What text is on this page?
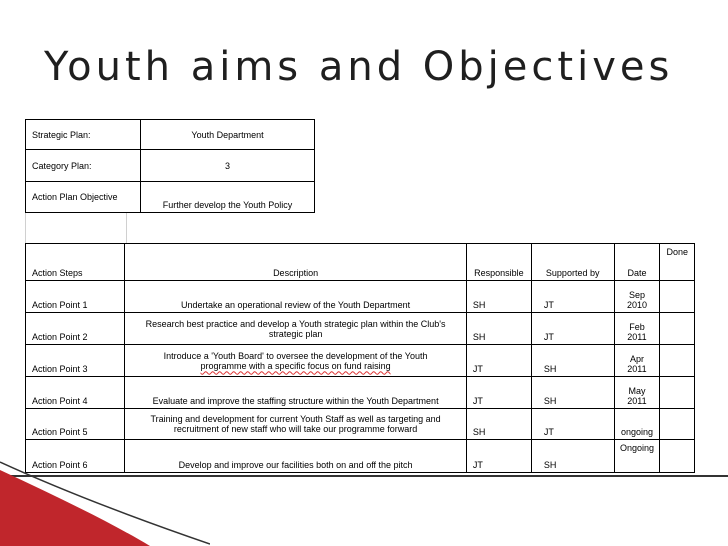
Youth aims and Objectives
Strategic Plan:	Youth Department
Category Plan:	3
Action Plan Objective	Further develop the Youth Policy
Action Steps	Description	Responsible	Supported by	Date	Done
Action Point 1	Undertake an operational review of the Youth Department	SH	JT	Sep
2010	
Action Point 2	Research best practice and develop a Youth strategic plan within the Club's
strategic plan	SH	JT	Feb
2011	
Action Point 3	Introduce a 'Youth Board' to oversee the development of the Youth
programme with a specific focus on fund raising	JT	SH	Apr
2011	
Action Point 4	Evaluate and improve the staffing structure within the Youth Department	JT	SH	May
2011	
Action Point 5	Training and development for current Youth Staff as well as targeting and
recruitment of new staff who will take our programme forward	SH	JT	ongoing	
Action Point 6	Develop and improve our facilities both on and off the pitch	JT	SH	Ongoing	
